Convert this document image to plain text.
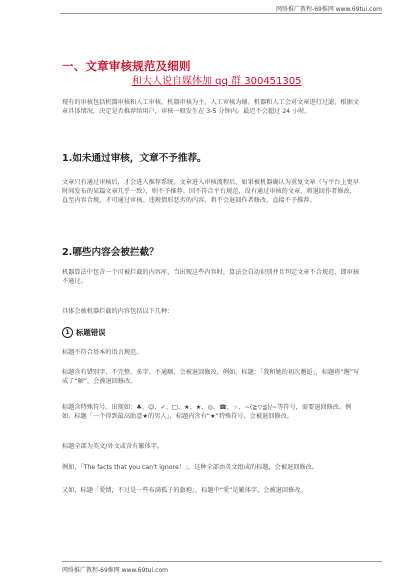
网络推广教程-69推网 www.69tui.com
一、文章审核规范及细则
和大人说自媒体加 qq 群 300451305

现有的审核包括机器审核和人工审核，机器审核为主，人工审核为辅。机器和人工会对文章进行过滤，根据文章具体情况，决定是否推荐给用户，审核一般发生在 3-5 分钟内，最迟不会超过 24 小时。

1.如未通过审核，文章不予推荐。

文章只有通过审核后，才会进入推荐系统。文章进入审核流程后，如果被机器确认为重复文章（与平台上更早时间发布的某篇文章几乎一致），则不予推荐。因不符合平台规范，没有通过审核的文章，将退回作者修改，直至内容合规，才可通过审核。违规情形恶劣的内容，将不会退回作者修改，直接不予推荐。

2.哪些内容会被拦截？

机器算法中包含一个可被拦截的内容库，当出现这些内容时，算法会自动识别并且判定文章不合规范，即审核不通过。

具体会被机器拦截的内容包括以下几种：

1 标题错误

标题不符合基本的语言规范。

标题含有错别字、不完整、多字、不通顺，会被退回修改。例如，标题：「我和她的初次邂逅」，标题将“邂”写成了“解”，会被退回修改。

标题含特殊符号。出现如：♣、☺、✓、□、★、★、◎、☎、☞、~(≧▽≦)/~等符号，需要退回修改。例如，标题「一个得到最高助意★的男人」，标题内含有“★”特殊符号，会被退回修改。

标题全部为英文/外文或含有繁体字。

例如，「The facts that you can't ignore！」，这种全部由英文组成的标题，会被退回修改。

又如，标题「愛情，不过是一些布满孤子的旗袍」，标题中“愛”是繁体字，会被退回修改。

网络推广教程-69推网 www.69tui.com
